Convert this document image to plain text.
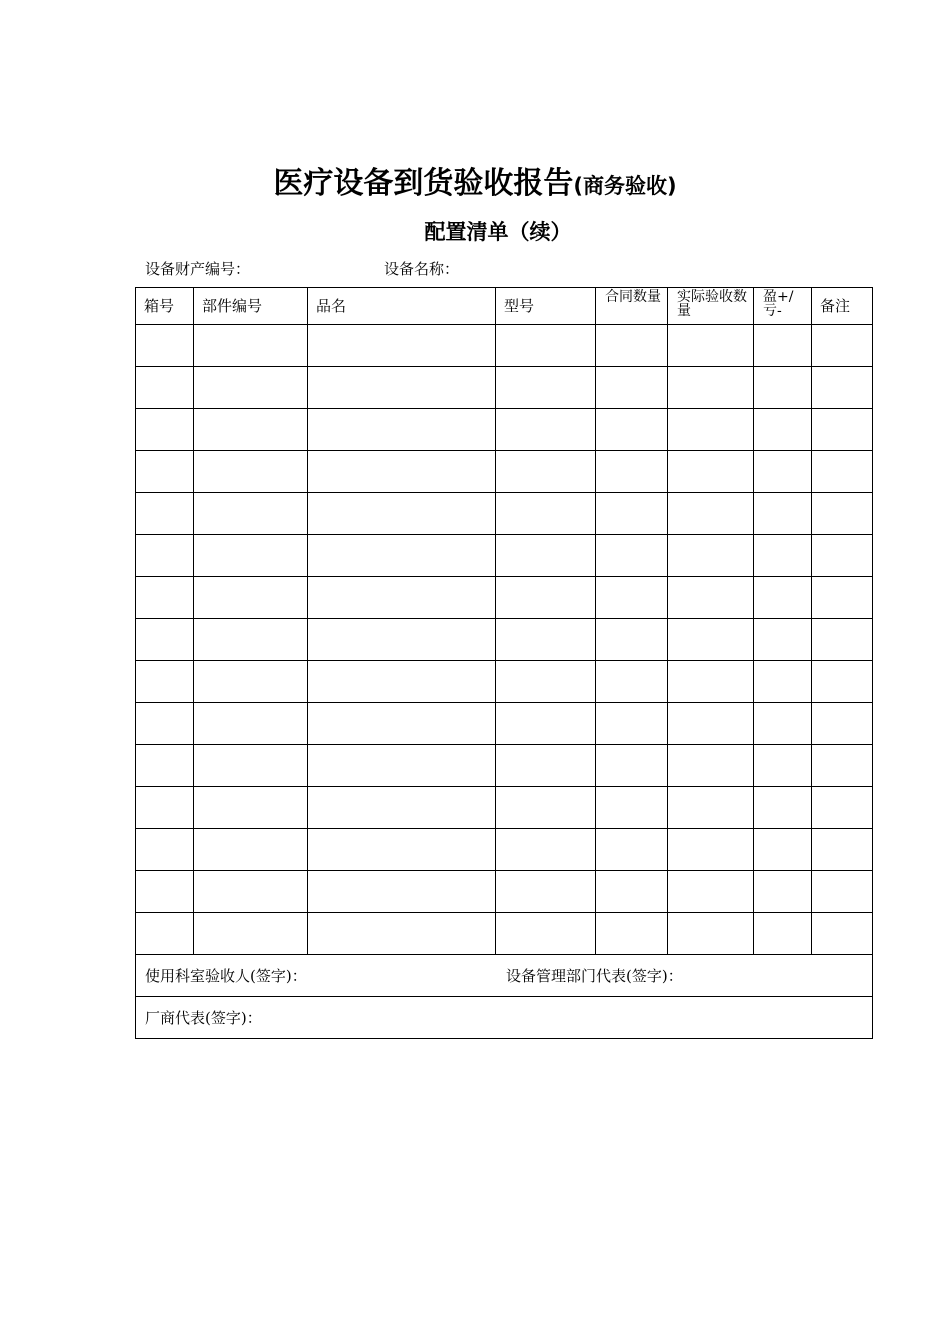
医疗设备到货验收报告(商务验收)
配置清单（续）
设备财产编号：	设备名称：
箱号	部件编号	品名	型号	合同数量	实际验收数量	盈+/亏-	备注

使用科室验收人(签字)： 设备管理部门代表(签字)：							

厂商代表(签字)：							
